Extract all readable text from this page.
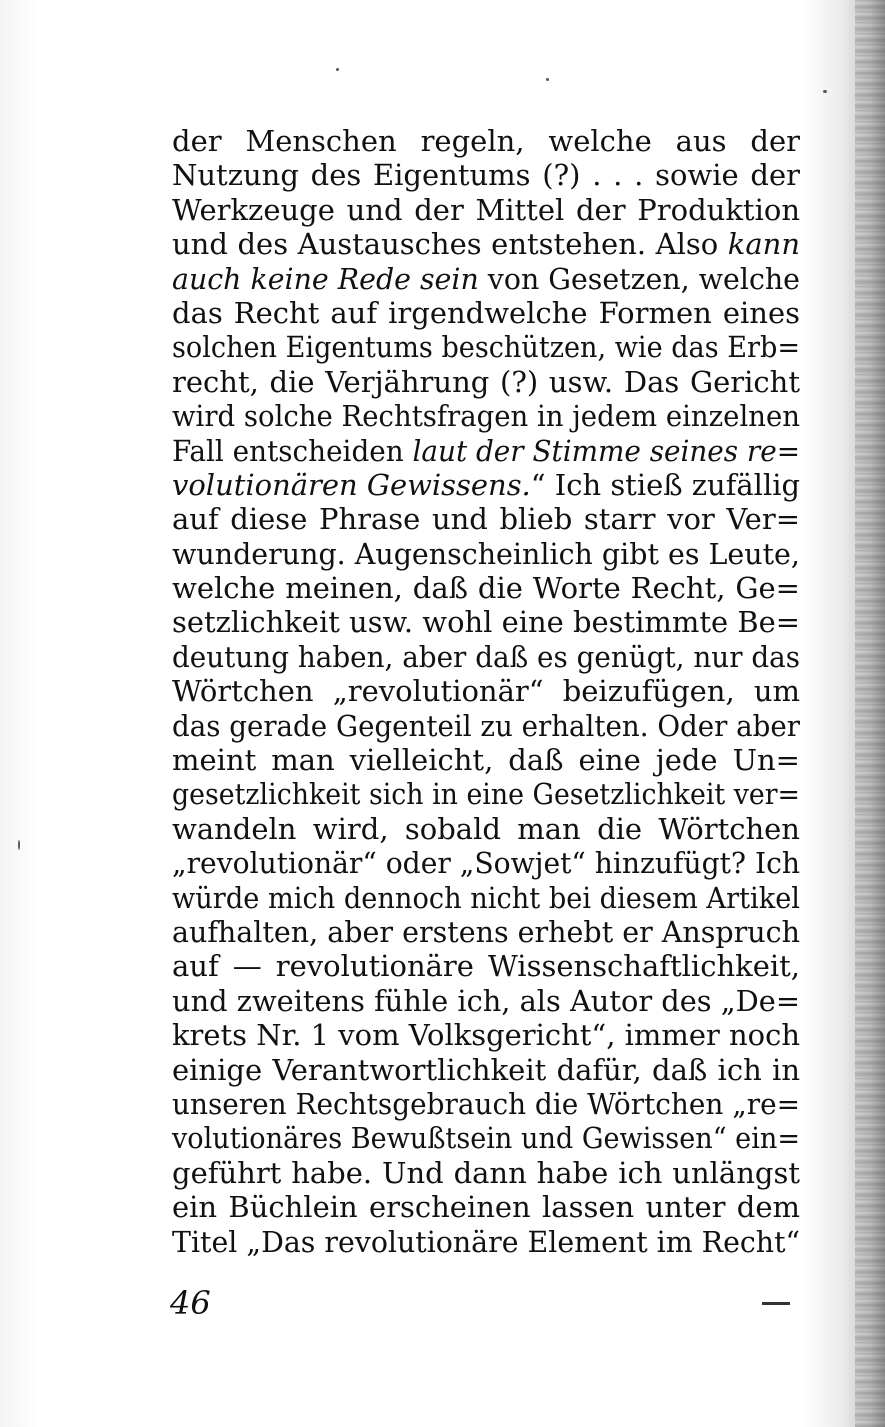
der Menschen regeln, welche aus der
Nutzung des Eigentums (?) . . . sowie der
Werkzeuge und der Mittel der Produktion
und des Austausches entstehen. Also kann
auch keine Rede sein von Gesetzen, welche
das Recht auf irgendwelche Formen eines
solchen Eigentums beschützen, wie das Erb=
recht, die Verjährung (?) usw. Das Gericht
wird solche Rechtsfragen in jedem einzelnen
Fall entscheiden laut der Stimme seines re=
volutionären Gewissens.“ Ich stieß zufällig
auf diese Phrase und blieb starr vor Ver=
wunderung. Augenscheinlich gibt es Leute,
welche meinen, daß die Worte Recht, Ge=
setzlichkeit usw. wohl eine bestimmte Be=
deutung haben, aber daß es genügt, nur das
Wörtchen „revolutionär“ beizufügen, um
das gerade Gegenteil zu erhalten. Oder aber
meint man vielleicht, daß eine jede Un=
gesetzlichkeit sich in eine Gesetzlichkeit ver=
wandeln wird, sobald man die Wörtchen
„revolutionär“ oder „Sowjet“ hinzufügt? Ich
würde mich dennoch nicht bei diesem Artikel
aufhalten, aber erstens erhebt er Anspruch
auf — revolutionäre Wissenschaftlichkeit,
und zweitens fühle ich, als Autor des „De=
krets Nr. 1 vom Volksgericht“, immer noch
einige Verantwortlichkeit dafür, daß ich in
unseren Rechtsgebrauch die Wörtchen „re=
volutionäres Bewußtsein und Gewissen“ ein=
geführt habe. Und dann habe ich unlängst
ein Büchlein erscheinen lassen unter dem
Titel „Das revolutionäre Element im Recht“
46
